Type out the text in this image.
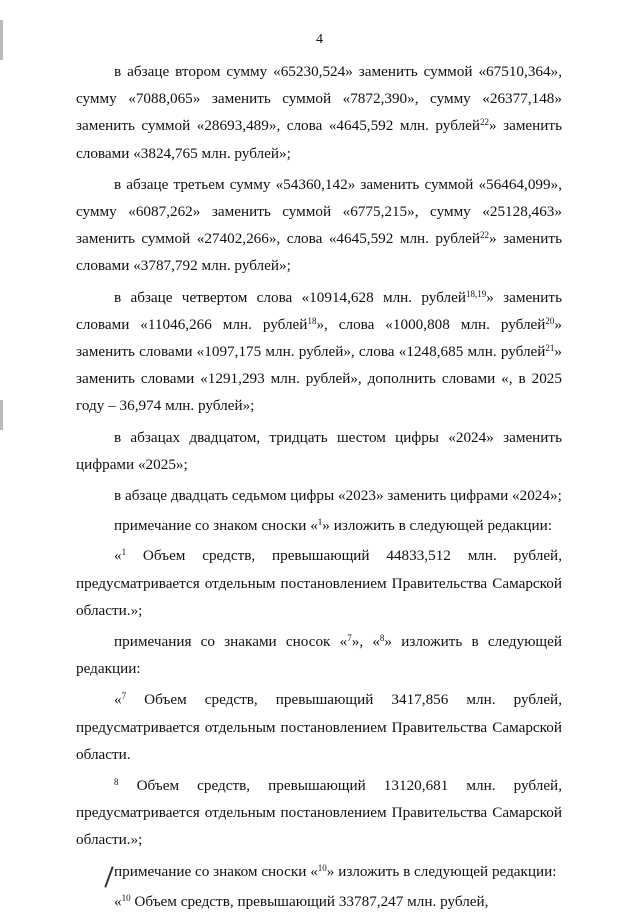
4

в абзаце втором сумму «65230,524» заменить суммой «67510,364», сумму «7088,065» заменить суммой «7872,390», сумму «26377,148» заменить суммой «28693,489», слова «4645,592 млн. рублей$^{22}$» заменить словами «3824,765 млн. рублей»;

в абзаце третьем сумму «54360,142» заменить суммой «56464,099», сумму «6087,262» заменить суммой «6775,215», сумму «25128,463» заменить суммой «27402,266», слова «4645,592 млн. рублей$^{22}$» заменить словами «3787,792 млн. рублей»;

в абзаце четвертом слова «10914,628 млн. рублей$^{18,19}$» заменить словами «11046,266 млн. рублей$^{18}$», слова «1000,808 млн. рублей$^{20}$» заменить словами «1097,175 млн. рублей», слова «1248,685 млн. рублей$^{21}$» заменить словами «1291,293 млн. рублей», дополнить словами «, в 2025 году – 36,974 млн. рублей»;

в абзацах двадцатом, тридцать шестом цифры «2024» заменить цифрами «2025»;

в абзаце двадцать седьмом цифры «2023» заменить цифрами «2024»;

примечание со знаком сноски «$^1$» изложить в следующей редакции:

«$^1$ Объем средств, превышающий 44833,512 млн. рублей, предусматривается отдельным постановлением Правительства Самарской области.»;

примечания со знаками сносок «$^7$», «$^8$» изложить в следующей редакции:

«$^7$ Объем средств, превышающий 3417,856 млн. рублей, предусматривается отдельным постановлением Правительства Самарской области.

$^8$ Объем средств, превышающий 13120,681 млн. рублей, предусматривается отдельным постановлением Правительства Самарской области.»;

примечание со знаком сноски «$^{10}$» изложить в следующей редакции:

«$^{10}$ Объем средств, превышающий 33787,247 млн. рублей,
